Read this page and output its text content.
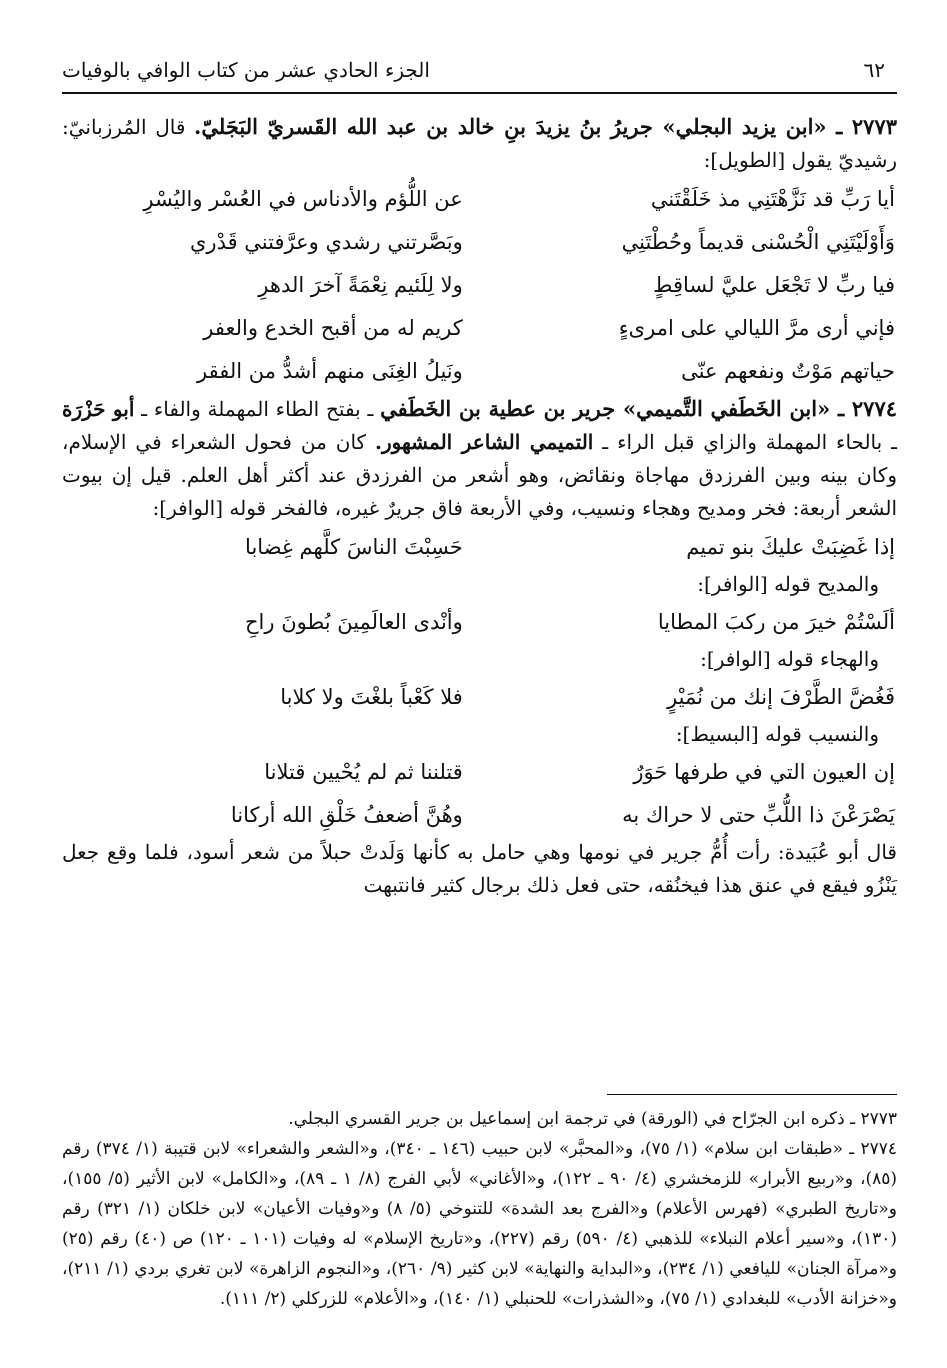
٦٢
الجزء الحادي عشر من كتاب الوافي بالوفيات

٢٧٧٣ ـ «ابن يزيد البجلي» جريرُ بنُ يزيدَ بنِ خالد بن عبد الله القَسريّ البَجَليّ. قال المُرزبانيّ: رشيديّ يقول [الطويل]:

أيا رَبِّ قد نَزَّهْتَنِي مذ خَلَقْتَني
عن اللُّؤم والأدناس في العُسْر واليُسْرِ
وَأَوْلَيْتَنِي الْحُسْنى قديماً وحُطْتَنِي
وبَصَّرتني رشدي وعرَّفتني قَدْري
فيا ربِّ لا تَجْعَل عليَّ لساقِطٍ
ولا لِلَئيم نِعْمَةً آخرَ الدهرِ
فإني أرى مرَّ الليالي على امرىءٍ
كريم له من أقبح الخدع والعفر
حياتهم مَوْتٌ ونفعهم عنّى
ونَيلُ الغِنَى منهم أشدُّ من الفقر

٢٧٧٤ ـ «ابن الخَطَفي التَّميمي» جرير بن عطية بن الخَطَفي ـ بفتح الطاء المهملة والفاء ـ أبو حَزْرَة ـ بالحاء المهملة والزاي قبل الراء ـ التميمي الشاعر المشهور. كان من فحول الشعراء في الإسلام، وكان بينه وبين الفرزدق مهاجاة ونقائض، وهو أشعر من الفرزدق عند أكثر أهل العلم. قيل إن بيوت الشعر أربعة: فخر ومديح وهجاء ونسيب، وفي الأربعة فاق جريرٌ غيره، فالفخر قوله [الوافر]:

إذا غَضِبَتْ عليكَ بنو تميم
حَسِبْتَ الناسَ كلَّهم غِضابا
والمديح قوله [الوافر]:
ألَسْتُمْ خيرَ من ركبَ المطايا
وأنْدى العالَمِينَ بُطونَ راحِ
والهجاء قوله [الوافر]:
فَغُضَّ الطَّرْفَ إنك من نُمَيْرٍ
فلا كَعْباً بلغْتَ ولا كلابا
والنسيب قوله [البسيط]:
إن العيون التي في طرفها حَوَرٌ
قتلننا ثم لم يُحْيين قتلانا
يَصْرَعْنَ ذا اللُّبِّ حتى لا حراك به
وهُنَّ أضعفُ خَلْقِ الله أركانا

قال أبو عُبَيدة: رأت أُمُّ جرير في نومها وهي حامل به كأنها وَلَدتْ حبلاً من شعر أسود، فلما وقع جعل يَنْزُو فيقع في عنق هذا فيخنُقه، حتى فعل ذلك برجال كثير فانتبهت

٢٧٧٣ ـ ذكره ابن الجرّاح في (الورقة) في ترجمة ابن إسماعيل بن جرير القسري البجلي.

٢٧٧٤ ـ «طبقات ابن سلام» (١/ ٧٥)، و«المحبَّر» لابن حبيب (١٤٦ ـ ٣٤٠)، و«الشعر والشعراء» لابن قتيبة (١/ ٣٧٤) رقم (٨٥)، و«ربيع الأبرار» للزمخشري (٤/ ٩٠ ـ ١٢٢)، و«الأغاني» لأبي الفرج (٨/ ١ ـ ٨٩)، و«الكامل» لابن الأثير (٥/ ١٥٥)، و«تاريخ الطبري» (فهرس الأعلام) و«الفرج بعد الشدة» للتنوخي (٥/ ٨) و«وفيات الأعيان» لابن خلكان (١/ ٣٢١) رقم (١٣٠)، و«سير أعلام النبلاء» للذهبي (٤/ ٥٩٠) رقم (٢٢٧)، و«تاريخ الإسلام» له وفيات (١٠١ ـ ١٢٠) ص (٤٠) رقم (٢٥) و«مرآة الجنان» لليافعي (١/ ٢٣٤)، و«البداية والنهاية» لابن كثير (٩/ ٢٦٠)، و«النجوم الزاهرة» لابن تغري بردي (١/ ٢١١)، و«خزانة الأدب» للبغدادي (١/ ٧٥)، و«الشذرات» للحنبلي (١/ ١٤٠)، و«الأعلام» للزركلي (٢/ ١١١).
